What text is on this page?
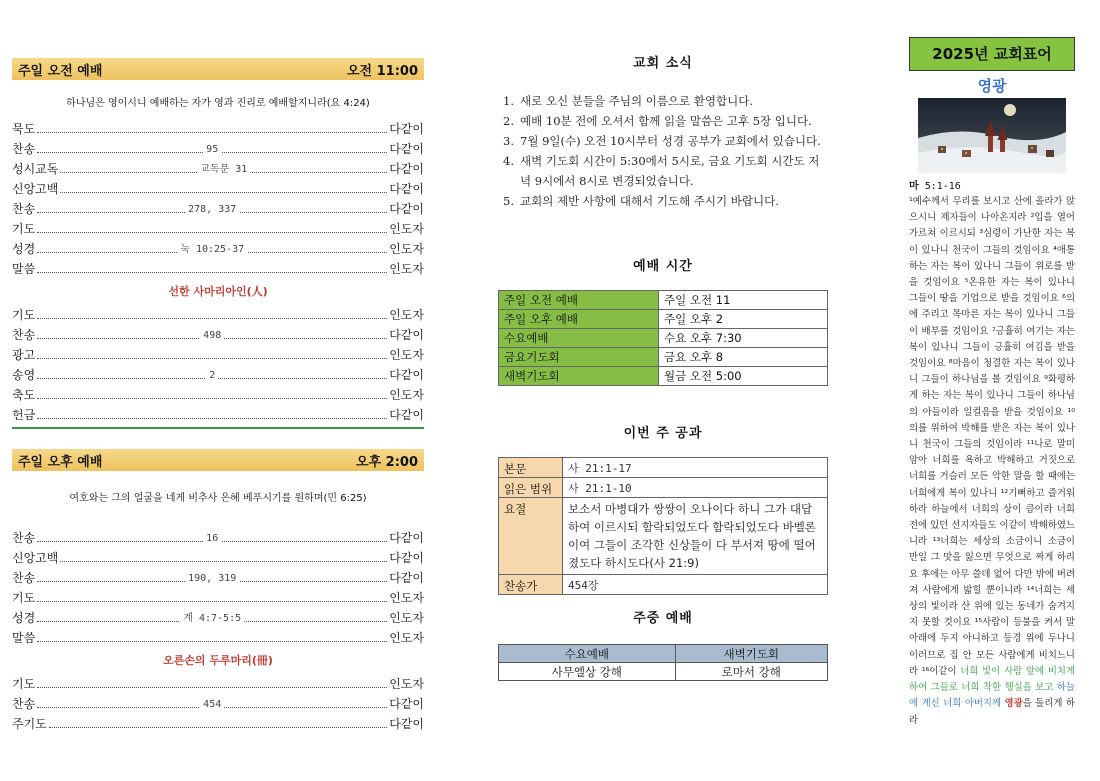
주일 오전 예배	오전 11:00
하나님은 영이시니 예배하는 자가 영과 진리로 예배할지니라(요 4:24)
묵도	다같이
찬송	95	다같이
성시교독	교독문 31	다같이
신앙고백	다같이
찬송	278, 337	다같이
기도	인도자
성경	눅 10:25-37	인도자
말씀	인도자
선한 사마리아인(人)
기도	인도자
찬송	498	다같이
광고	인도자
송영	2	다같이
축도	인도자
헌금	다같이
주일 오후 예배	오후 2:00
여호와는 그의 얼굴을 네게 비추사 은혜 베푸시기를 원하며(민 6:25)
찬송	16	다같이
신앙고백	다같이
찬송	190, 319	다같이
기도	인도자
성경	계 4:7-5:5	인도자
말씀	인도자
오른손의 두루마리(冊)
기도	인도자
찬송	454	다같이
주기도	다같이
교회 소식
1. 새로 오신 분들을 주님의 이름으로 환영합니다.
2. 예배 10분 전에 오셔서 함께 읽을 말씀은 고후 5장 입니다.
3. 7월 9일(수) 오전 10시부터 성경 공부가 교회에서 있습니다.
4. 새벽 기도회 시간이 5:30에서 5시로, 금요 기도회 시간도 저녁 9시에서 8시로 변경되었습니다.
5. 교회의 제반 사항에 대해서 기도해 주시기 바랍니다.
예배 시간
주일 오전 예배	주일 오전 11
주일 오후 예배	주일 오후 2
수요예배	수요 오후 7:30
금요기도회	금요 오후 8
새벽기도회	월금 오전 5:00
이번 주 공과
본문	사 21:1-17
읽은 범위	사 21:1-10
요절	보소서 마병대가 쌍쌍이 오나이다 하니 그가 대답하여 이르시되 함락되었도다 함락되었도다 바벨론이여 그들이 조각한 신상들이 다 부서져 땅에 떨어졌도다 하시도다(사 21:9)
찬송가	454장
주중 예배
수요예배	새벽기도회
사무엘상 강해	로마서 강해
2025년 교회표어
영광
마 5:1-16
¹예수께서 무리를 보시고 산에 올라가 앉으시니 제자들이 나아온지라 ²입을 열어 가르쳐 이르시되 ³심령이 가난한 자는 복이 있나니 천국이 그들의 것임이요 ⁴애통하는 자는 복이 있나니 그들이 위로를 받을 것임이요 ⁵온유한 자는 복이 있나니 그들이 땅을 기업으로 받을 것임이요 ⁶의에 주리고 목마른 자는 복이 있나니 그들이 배부를 것임이요 ⁷긍휼히 여기는 자는 복이 있나니 그들이 긍휼히 여김을 받을 것임이요 ⁸마음이 청결한 자는 복이 있나니 그들이 하나님을 볼 것임이요 ⁹화평하게 하는 자는 복이 있나니 그들이 하나님의 아들이라 일컬음을 받을 것임이요 ¹⁰의를 위하여 박해를 받은 자는 복이 있나니 천국이 그들의 것임이라 ¹¹나로 말미암아 너희를 욕하고 박해하고 거짓으로 너희를 거슬러 모든 악한 말을 할 때에는 너희에게 복이 있나니 ¹²기뻐하고 즐거워하라 하늘에서 너희의 상이 큼이라 너희 전에 있던 선지자들도 이같이 박해하였느니라 ¹³너희는 세상의 소금이니 소금이 만일 그 맛을 잃으면 무엇으로 짜게 하리요 후에는 아무 쓸데 없어 다만 밖에 버려져 사람에게 밟힐 뿐이니라 ¹⁴너희는 세상의 빛이라 산 위에 있는 동네가 숨겨지지 못할 것이요 ¹⁵사람이 등불을 켜서 말 아래에 두지 아니하고 등경 위에 두나니 이러므로 집 안 모든 사람에게 비치느니라 ¹⁶이같이 너희 빛이 사람 앞에 비치게 하여 그들로 너희 착한 행실을 보고 하늘에 계신 너희 아버지께 영광을 돌리게 하라
